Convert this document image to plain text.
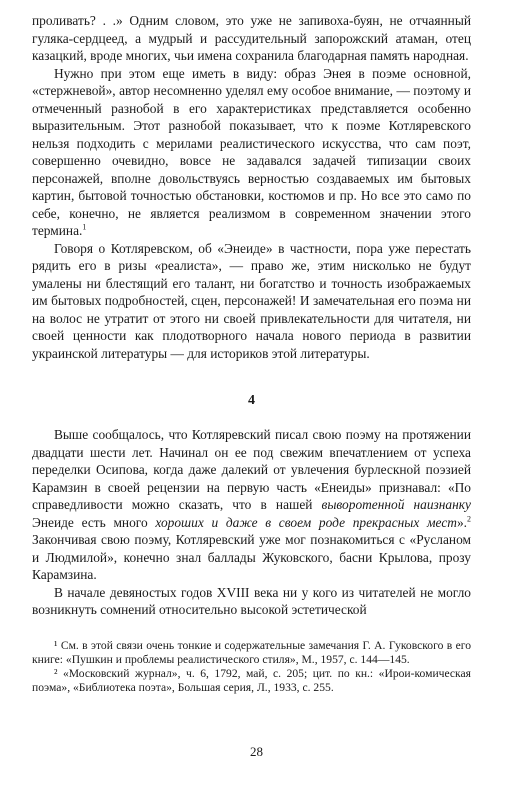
проливать? . .» Одним словом, это уже не запивоха-буян, не отчаянный гуляка-сердцеед, а мудрый и рассудительный запорожский атаман, отец казацкий, вроде многих, чьи имена сохранила благодарная память народная.

Нужно при этом еще иметь в виду: образ Энея в поэме основной, «стержневой», автор несомненно уделял ему особое внимание, — поэтому и отмеченный разнобой в его характеристиках представляется особенно выразительным. Этот разнобой показывает, что к поэме Котляревского нельзя подходить с мерилами реалистического искусства, что сам поэт, совершенно очевидно, вовсе не задавался задачей типизации своих персонажей, вполне довольствуясь верностью создаваемых им бытовых картин, бытовой точностью обстановки, костюмов и пр. Но все это само по себе, конечно, не является реализмом в современном значении этого термина.$^1$

Говоря о Котляревском, об «Энеиде» в частности, пора уже перестать рядить его в ризы «реалиста», — право же, этим нисколько не будут умалены ни блестящий его талант, ни богатство и точность изображаемых им бытовых подробностей, сцен, персонажей! И замечательная его поэма ни на волос не утратит от этого ни своей привлекательности для читателя, ни своей ценности как плодотворного начала нового периода в развитии украинской литературы — для историков этой литературы.

4

Выше сообщалось, что Котляревский писал свою поэму на протяжении двадцати шести лет. Начинал он ее под свежим впечатлением от успеха переделки Осипова, когда даже далекий от увлечения бурлескной поэзией Карамзин в своей рецензии на первую часть «Енеиды» признавал: «По справедливости можно сказать, что в нашей выворотенной наизнанку Энеиде есть много хороших и даже в своем роде прекрасных мест».$^2$ Закончивая свою поэму, Котляревский уже мог познакомиться с «Русланом и Людмилой», конечно знал баллады Жуковского, басни Крылова, прозу Карамзина.

В начале девяностых годов XVIII века ни у кого из читателей не могло возникнуть сомнений относительно высокой эстетической

¹ См. в этой связи очень тонкие и содержательные замечания Г. А. Гуковского в его книге: «Пушкин и проблемы реалистического стиля», М., 1957, с. 144—145.

² «Московский журнал», ч. 6, 1792, май, с. 205; цит. по кн.: «Ирои-комическая поэма», «Библиотека поэта», Большая серия, Л., 1933, с. 255.

28
